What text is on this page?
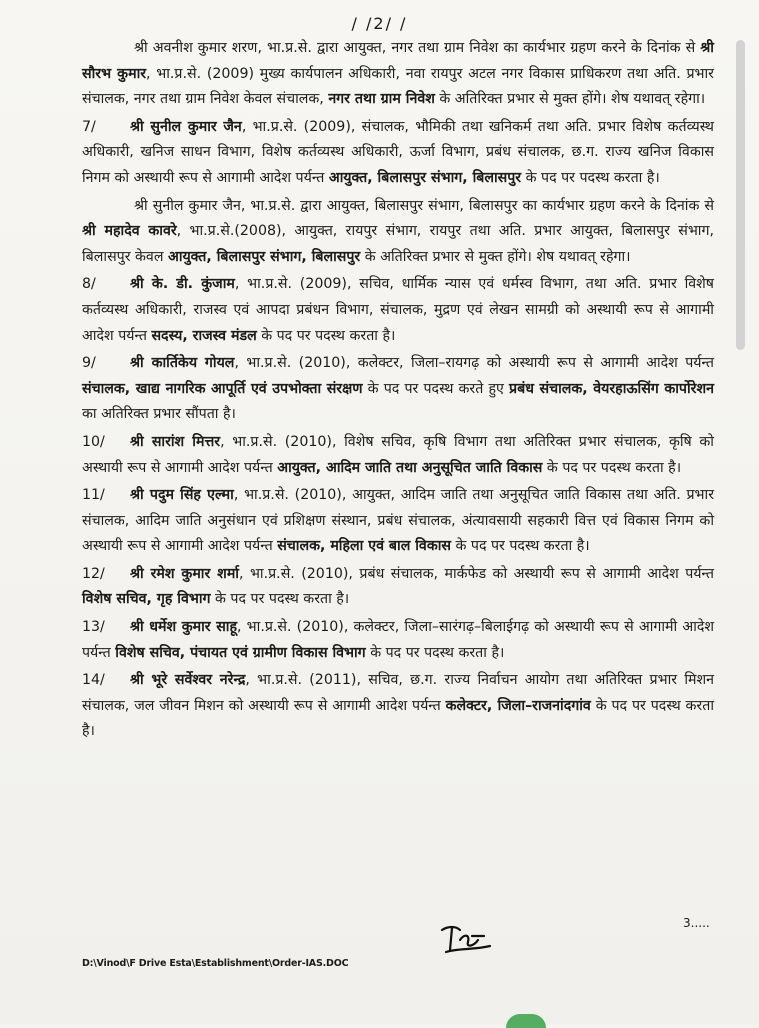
/ /2/ /

श्री अवनीश कुमार शरण, भा.प्र.से. द्वारा आयुक्त, नगर तथा ग्राम निवेश का कार्यभार ग्रहण करने के दिनांक से श्री सौरभ कुमार, भा.प्र.से. (2009) मुख्य कार्यपालन अधिकारी, नवा रायपुर अटल नगर विकास प्राधिकरण तथा अति. प्रभार संचालक, नगर तथा ग्राम निवेश केवल संचालक, नगर तथा ग्राम निवेश के अतिरिक्त प्रभार से मुक्त होंगे। शेष यथावत् रहेगा।

7/ श्री सुनील कुमार जैन, भा.प्र.से. (2009), संचालक, भौमिकी तथा खनिकर्म तथा अति. प्रभार विशेष कर्तव्यस्थ अधिकारी, खनिज साधन विभाग, विशेष कर्तव्यस्थ अधिकारी, ऊर्जा विभाग, प्रबंध संचालक, छ.ग. राज्य खनिज विकास निगम को अस्थायी रूप से आगामी आदेश पर्यन्त आयुक्त, बिलासपुर संभाग, बिलासपुर के पद पर पदस्थ करता है।

श्री सुनील कुमार जैन, भा.प्र.से. द्वारा आयुक्त, बिलासपुर संभाग, बिलासपुर का कार्यभार ग्रहण करने के दिनांक से श्री महादेव कावरे, भा.प्र.से.(2008), आयुक्त, रायपुर संभाग, रायपुर तथा अति. प्रभार आयुक्त, बिलासपुर संभाग, बिलासपुर केवल आयुक्त, बिलासपुर संभाग, बिलासपुर के अतिरिक्त प्रभार से मुक्त होंगे। शेष यथावत् रहेगा।

8/ श्री के. डी. कुंजाम, भा.प्र.से. (2009), सचिव, धार्मिक न्यास एवं धर्मस्व विभाग, तथा अति. प्रभार विशेष कर्तव्यस्थ अधिकारी, राजस्व एवं आपदा प्रबंधन विभाग, संचालक, मुद्रण एवं लेखन सामग्री को अस्थायी रूप से आगामी आदेश पर्यन्त सदस्य, राजस्व मंडल के पद पर पदस्थ करता है।

9/ श्री कार्तिकेय गोयल, भा.प्र.से. (2010), कलेक्टर, जिला–रायगढ़ को अस्थायी रूप से आगामी आदेश पर्यन्त संचालक, खाद्य नागरिक आपूर्ति एवं उपभोक्ता संरक्षण के पद पर पदस्थ करते हुए प्रबंध संचालक, वेयरहाऊसिंग कार्पोरेशन का अतिरिक्त प्रभार सौंपता है।

10/ श्री सारांश मित्तर, भा.प्र.से. (2010), विशेष सचिव, कृषि विभाग तथा अतिरिक्त प्रभार संचालक, कृषि को अस्थायी रूप से आगामी आदेश पर्यन्त आयुक्त, आदिम जाति तथा अनुसूचित जाति विकास के पद पर पदस्थ करता है।

11/ श्री पदुम सिंह एल्मा, भा.प्र.से. (2010), आयुक्त, आदिम जाति तथा अनुसूचित जाति विकास तथा अति. प्रभार संचालक, आदिम जाति अनुसंधान एवं प्रशिक्षण संस्थान, प्रबंध संचालक, अंत्यावसायी सहकारी वित्त एवं विकास निगम को अस्थायी रूप से आगामी आदेश पर्यन्त संचालक, महिला एवं बाल विकास के पद पर पदस्थ करता है।

12/ श्री रमेश कुमार शर्मा, भा.प्र.से. (2010), प्रबंध संचालक, मार्कफेड को अस्थायी रूप से आगामी आदेश पर्यन्त विशेष सचिव, गृह विभाग के पद पर पदस्थ करता है।

13/ श्री धर्मेश कुमार साहू, भा.प्र.से. (2010), कलेक्टर, जिला–सारंगढ़–बिलाईगढ़ को अस्थायी रूप से आगामी आदेश पर्यन्त विशेष सचिव, पंचायत एवं ग्रामीण विकास विभाग के पद पर पदस्थ करता है।

14/ श्री भूरे सर्वेश्वर नरेन्द्र, भा.प्र.से. (2011), सचिव, छ.ग. राज्य निर्वाचन आयोग तथा अतिरिक्त प्रभार मिशन संचालक, जल जीवन मिशन को अस्थायी रूप से आगामी आदेश पर्यन्त कलेक्टर, जिला–राजनांदगांव के पद पर पदस्थ करता है।

3.....
D:\Vinod\F Drive Esta\Establishment\Order-IAS.DOC
